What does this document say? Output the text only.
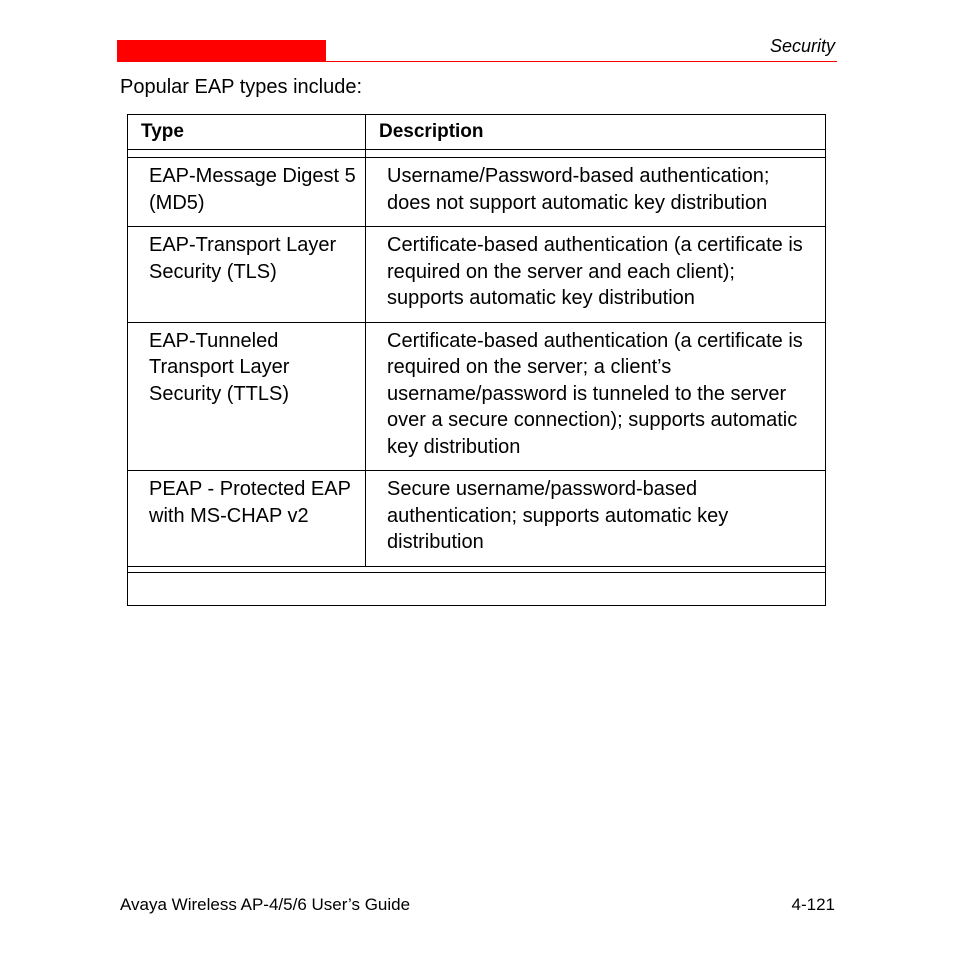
Security
Popular EAP types include:
Type	Description
EAP-Message Digest 5 (MD5)
Username/Password-based authentication; does not support automatic key distribution
EAP-Transport Layer Security (TLS)
Certificate-based authentication (a certificate is required on the server and each client); supports automatic key distribution
EAP-Tunneled Transport Layer Security (TTLS)
Certificate-based authentication (a certificate is required on the server; a client’s username/password is tunneled to the server over a secure connection); supports automatic key distribution
PEAP - Protected EAP with MS-CHAP v2
Secure username/password-based authentication; supports automatic key distribution
Avaya Wireless AP-4/5/6 User’s Guide	4-121
